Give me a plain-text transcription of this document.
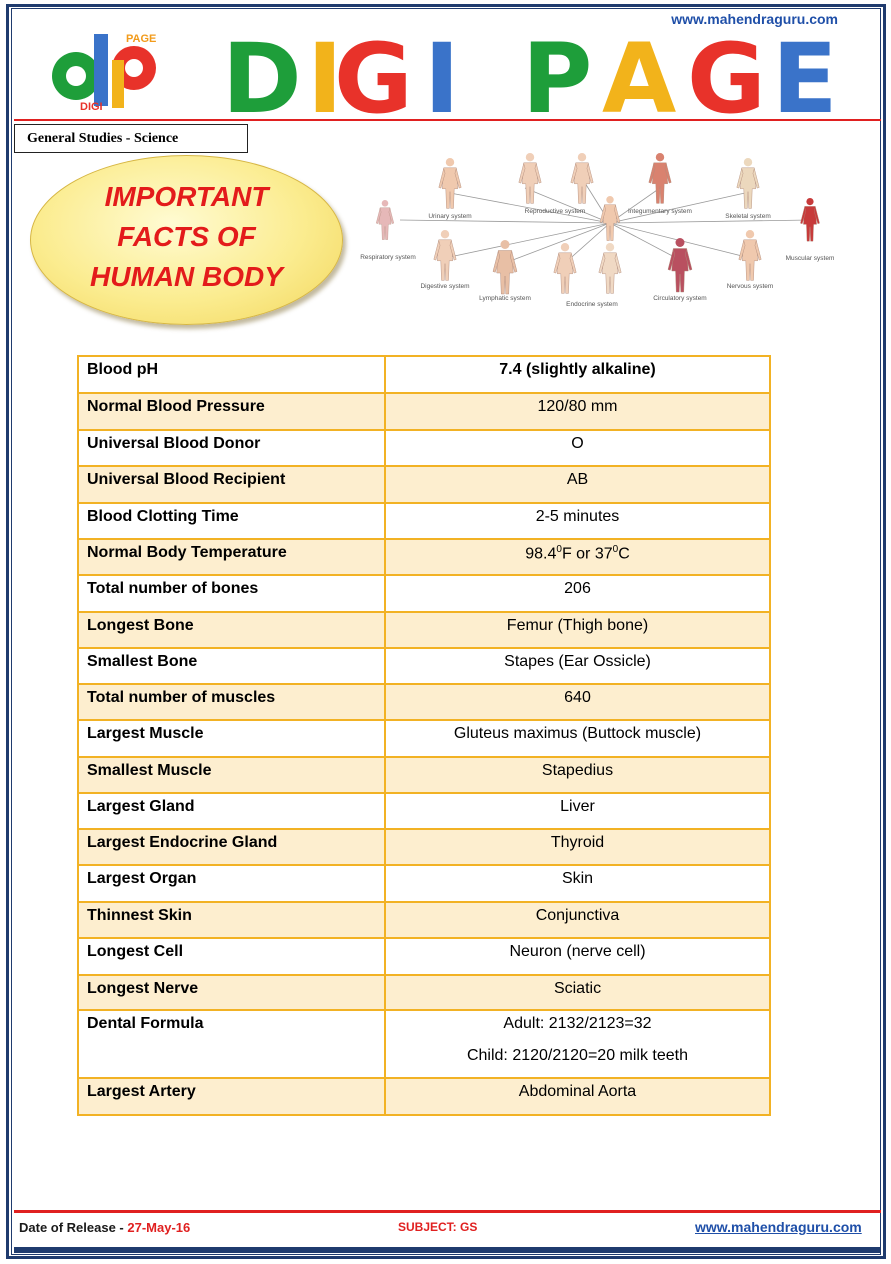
www.mahendraguru.com
PAGE
DIGI D I
G I P A G E
General Studies - Science
IMPORTANT
FACTS OF
HUMAN BODY
Respiratory system
Urinary system
Reproductive system	Integumentary system
Skeletal system
Muscular system
Digestive system
Lymphatic system
Endocrine system
Circulatory system
Nervous system
Blood pH	7.4 (slightly alkaline)
Normal Blood Pressure	120/80 mm
Universal Blood Donor	O
Universal Blood Recipient	AB
Blood Clotting Time	2-5 minutes
Normal Body Temperature	98.4$^0$F or $37^0C$
Total number of bones	206
Longest Bone	Femur (Thigh bone)
Smallest Bone	Stapes (Ear Ossicle)
Total number of muscles	640
Largest Muscle	Gluteus maximus (Buttock muscle)
Smallest Muscle	Stapedius
Largest Gland	Liver
Largest Endocrine Gland	Thyroid
Largest Organ	Skin
Thinnest Skin	Conjunctiva
Longest Cell	Neuron (nerve cell)
Longest Nerve	Sciatic
Dental Formula	Adult: 2132/2123=32
Child: 2120/2120=20 milk teeth

Largest Artery	Abdominal Aorta
Date of Release - 27-May-16	SUBJECT: GS	www.mahendraguru.com
